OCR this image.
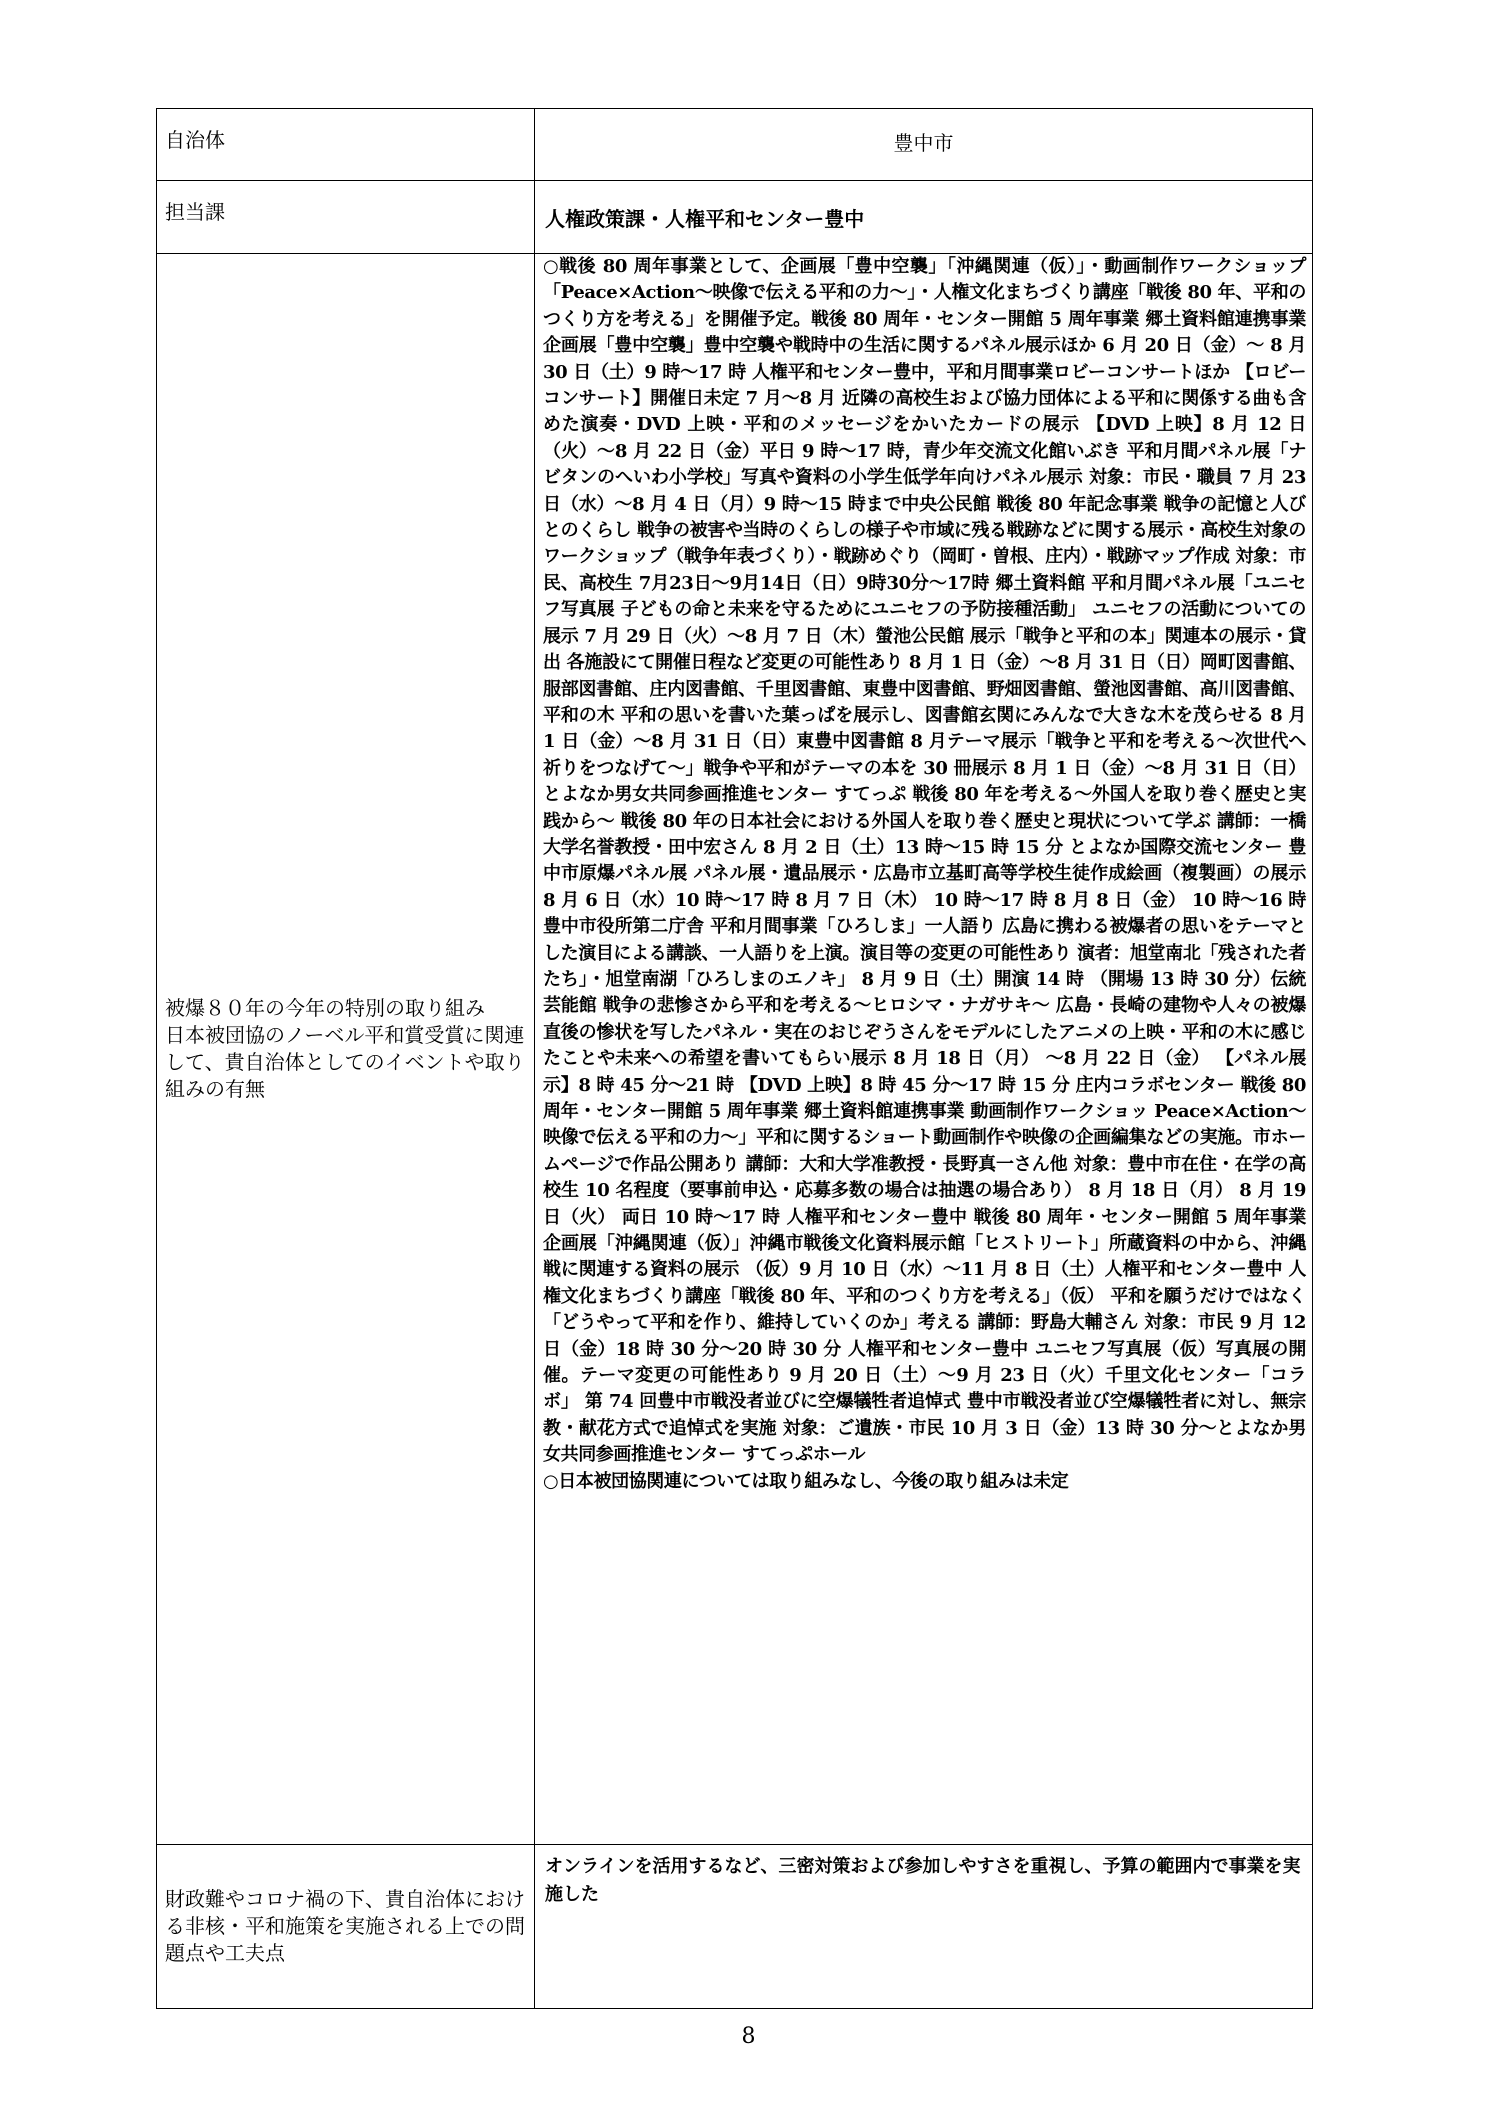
自治体	豊中市

担当課	人権政策課・人権平和センター豊中

被爆８０年の今年の特別の取り組み
日本被団協のノーベル平和賞受賞に関連して、貴自治体としてのイベントや取り組みの有無	○戦後 80 周年事業として、企画展「豊中空襲」「沖縄関連（仮）」・動画制作ワークショップ 「Peace×Action～映像で伝える平和の力～」・人権文化まちづくり講座「戦後 80 年、平和のつくり方を考える」を開催予定。戦後 80 周年・センター開館 5 周年事業 郷土資料館連携事業 企画展「豊中空襲」豊中空襲や戦時中の生活に関するパネル展示ほか 6 月 20 日（金）～ 8 月 30 日（土）9 時～17 時 人権平和センター豊中，平和月間事業ロビーコンサートほか 【ロビーコンサート】開催日未定 7 月～8 月 近隣の高校生および協力団体による平和に関係する曲も含めた演奏・DVD 上映・平和のメッセージをかいたカードの展示 【DVD 上映】8 月 12 日（火）～8 月 22 日（金）平日 9 時～17 時，青少年交流文化館いぶき 平和月間パネル展「ナビタンのへいわ小学校」写真や資料の小学生低学年向けパネル展示 対象：市民・職員 7 月 23 日（水）～8 月 4 日（月）9 時～15 時まで中央公民館 戦後 80 年記念事業 戦争の記憶と人びとのくらし 戦争の被害や当時のくらしの様子や市域に残る戦跡などに関する展示・高校生対象のワークショップ（戦争年表づくり）・戦跡めぐり（岡町・曽根、庄内）・戦跡マップ作成 対象：市民、高校生 7月23日～9月14日（日）9時30分～17時 郷土資料館 平和月間パネル展「ユニセフ写真展 子どもの命と未来を守るためにユニセフの予防接種活動」 ユニセフの活動についての展示 7 月 29 日（火）～8 月 7 日（木）螢池公民館 展示「戦争と平和の本」関連本の展示・貸出 各施設にて開催日程など変更の可能性あり 8 月 1 日（金）～8 月 31 日（日）岡町図書館、服部図書館、庄内図書館、千里図書館、東豊中図書館、野畑図書館、螢池図書館、高川図書館、 平和の木 平和の思いを書いた葉っぱを展示し、図書館玄関にみんなで大きな木を茂らせる 8 月 1 日（金）～8 月 31 日（日）東豊中図書館 8 月テーマ展示「戦争と平和を考える～次世代へ祈りをつなげて～」戦争や平和がテーマの本を 30 冊展示 8 月 1 日（金）～8 月 31 日（日）とよなか男女共同参画推進センター すてっぷ 戦後 80 年を考える～外国人を取り巻く歴史と実践から～ 戦後 80 年の日本社会における外国人を取り巻く歴史と現状について学ぶ 講師：一橋大学名誉教授・田中宏さん 8 月 2 日（土）13 時～15 時 15 分 とよなか国際交流センター 豊中市原爆パネル展 パネル展・遺品展示・広島市立基町高等学校生徒作成絵画（複製画）の展示 8 月 6 日（水）10 時～17 時 8 月 7 日（木） 10 時～17 時 8 月 8 日（金） 10 時～16 時 豊中市役所第二庁舎 平和月間事業「ひろしま」一人語り 広島に携わる被爆者の思いをテーマとした演目による講談、一人語りを上演。演目等の変更の可能性あり 演者：旭堂南北「残された者たち」・旭堂南湖「ひろしまのエノキ」 8 月 9 日（土）開演 14 時 （開場 13 時 30 分）伝統芸能館 戦争の悲惨さから平和を考える～ヒロシマ・ナガサキ～ 広島・長崎の建物や人々の被爆直後の惨状を写したパネル・実在のおじぞうさんをモデルにしたアニメの上映・平和の木に感じたことや未来への希望を書いてもらい展示 8 月 18 日（月） ～8 月 22 日（金） 【パネル展示】8 時 45 分～21 時 【DVD 上映】8 時 45 分～17 時 15 分 庄内コラボセンター 戦後 80 周年・センター開館 5 周年事業 郷土資料館連携事業 動画制作ワークショッ Peace×Action～映像で伝える平和の力～」平和に関するショート動画制作や映像の企画編集などの実施。市ホームページで作品公開あり 講師：大和大学准教授・長野真一さん他 対象：豊中市在住・在学の高校生 10 名程度（要事前申込・応募多数の場合は抽選の場合あり） 8 月 18 日（月） 8 月 19 日（火） 両日 10 時～17 時 人権平和センター豊中 戦後 80 周年・センター開館 5 周年事業 企画展「沖縄関連（仮）」沖縄市戦後文化資料展示館「ヒストリート」所蔵資料の中から、沖縄戦に関連する資料の展示 （仮）9 月 10 日（水）～11 月 8 日（土）人権平和センター豊中 人権文化まちづくり講座「戦後 80 年、平和のつくり方を考える」（仮） 平和を願うだけではなく「どうやって平和を作り、維持していくのか」考える 講師：野島大輔さん 対象：市民 9 月 12 日（金）18 時 30 分～20 時 30 分 人権平和センター豊中 ユニセフ写真展（仮）写真展の開催。テーマ変更の可能性あり 9 月 20 日（土）～9 月 23 日（火）千里文化センター「コラボ」 第 74 回豊中市戦没者並びに空爆犠牲者追悼式 豊中市戦没者並び空爆犠牲者に対し、無宗教・献花方式で追悼式を実施 対象：ご遺族・市民 10 月 3 日（金）13 時 30 分～とよなか男女共同参画推進センター すてっぷホール
○日本被団協関連については取り組みなし、今後の取り組みは未定

財政難やコロナ禍の下、貴自治体における非核・平和施策を実施される上での問題点や工夫点	オンラインを活用するなど、三密対策および参加しやすさを重視し、予算の範囲内で事業を実施した
8
